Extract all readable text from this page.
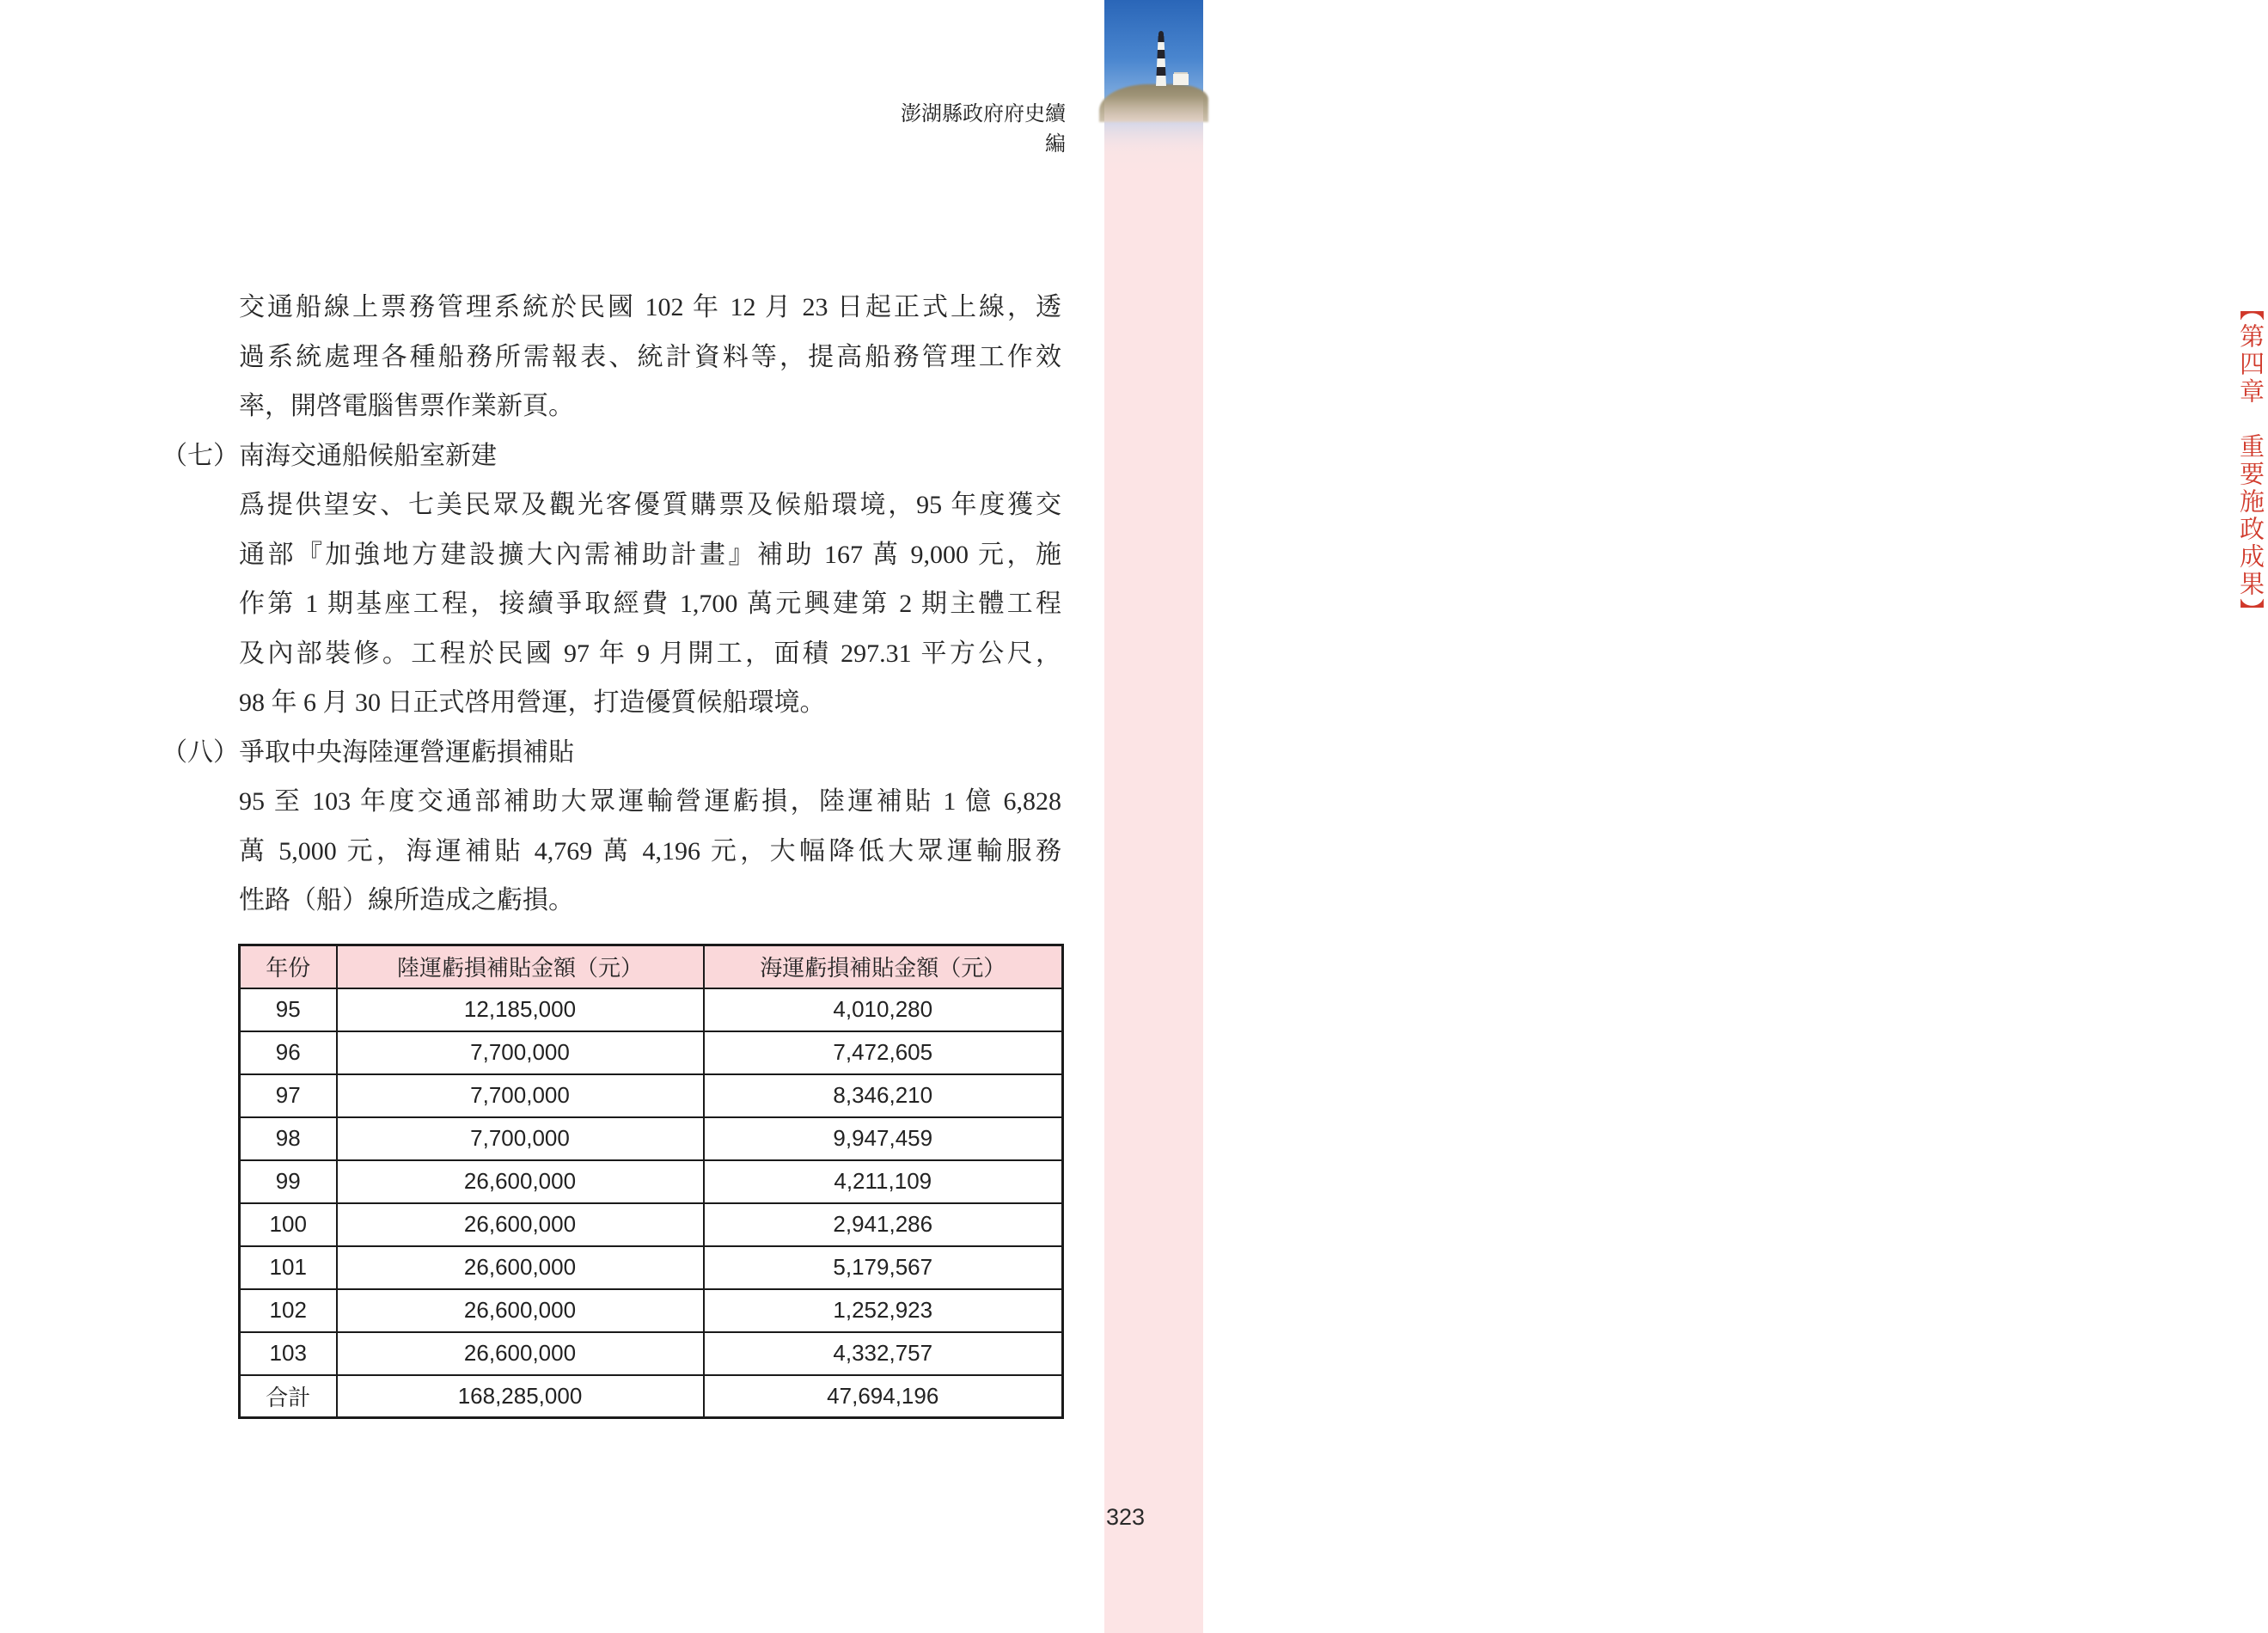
【第四章　重要施政成果】
澎湖縣政府府史續編
交通船線上票務管理系統於民國 102 年 12 月 23 日起正式上線，透
過系統處理各種船務所需報表、統計資料等，提高船務管理工作效
率，開啓電腦售票作業新頁。
（七）南海交通船候船室新建
爲提供望安、七美民眾及觀光客優質購票及候船環境，95 年度獲交
通部『加強地方建設擴大內需補助計畫』補助 167 萬 9,000 元，施
作第 1 期基座工程，接續爭取經費 1,700 萬元興建第 2 期主體工程
及內部裝修。工程於民國 97 年 9 月開工，面積 297.31 平方公尺，
98 年 6 月 30 日正式啓用營運，打造優質候船環境。
（八）爭取中央海陸運營運虧損補貼
95 至 103 年度交通部補助大眾運輸營運虧損，陸運補貼 1 億 6,828
萬 5,000 元，海運補貼 4,769 萬 4,196 元，大幅降低大眾運輸服務
性路（船）線所造成之虧損。
年份	陸運虧損補貼金額（元）	海運虧損補貼金額（元）
95	12,185,000	4,010,280
96	7,700,000	7,472,605
97	7,700,000	8,346,210
98	7,700,000	9,947,459
99	26,600,000	4,211,109
100	26,600,000	2,941,286
101	26,600,000	5,179,567
102	26,600,000	1,252,923
103	26,600,000	4,332,757
合計	168,285,000	47,694,196
323
